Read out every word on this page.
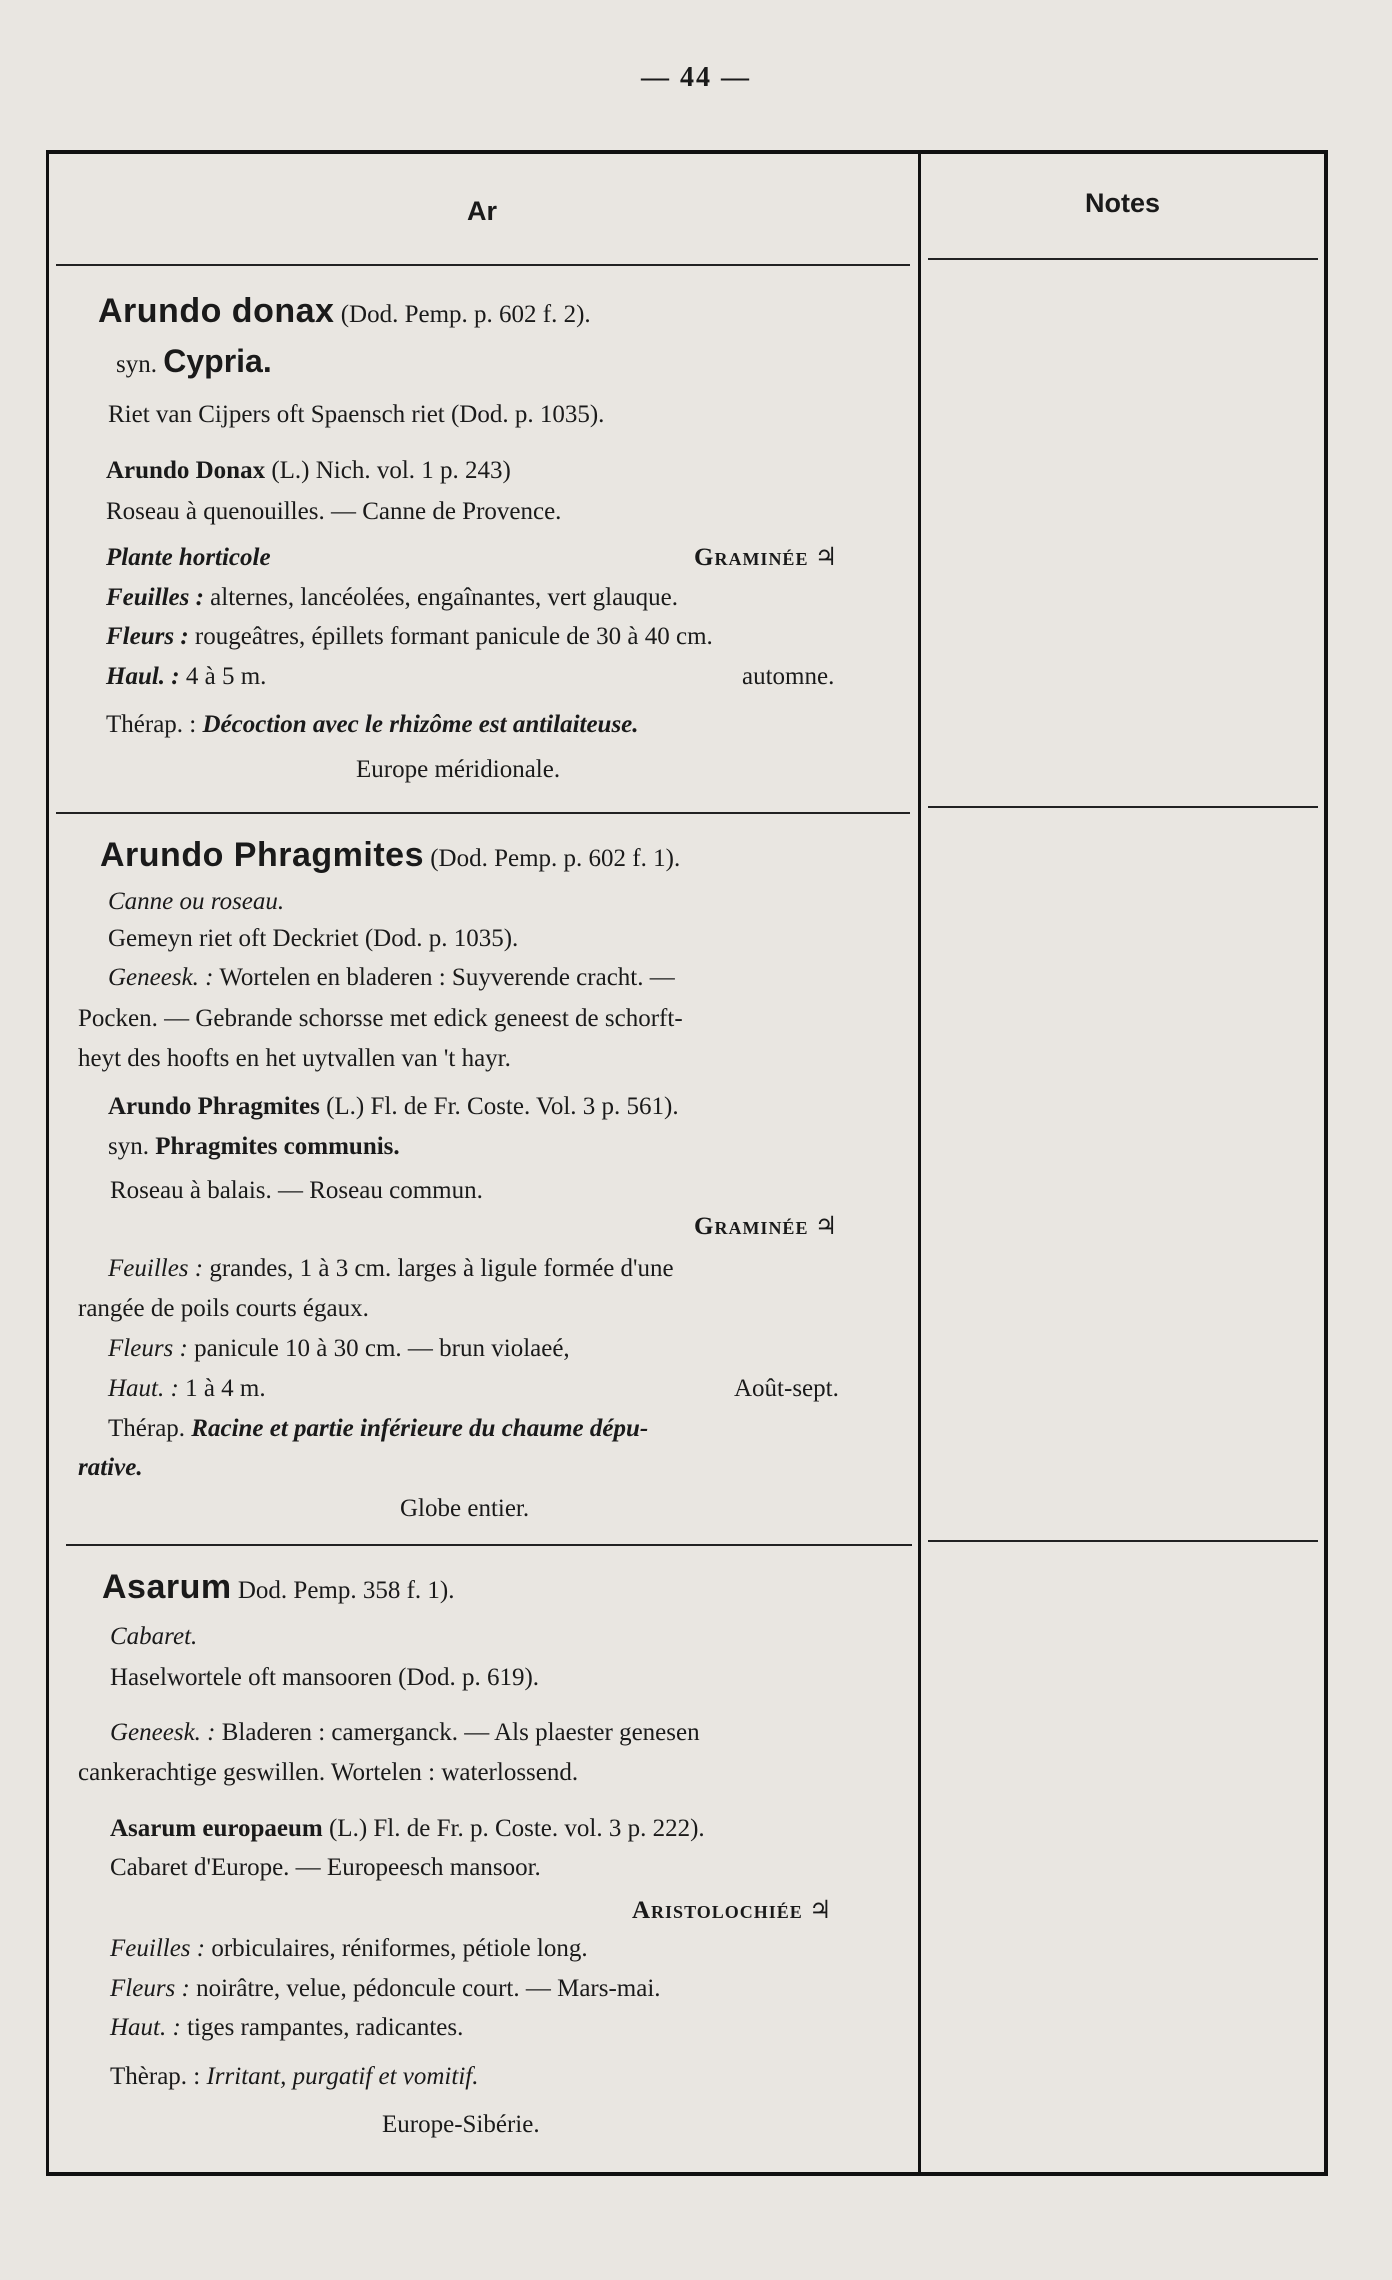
— 44 —
Ar	Notes
Arundo donax (Dod. Pemp. p. 602 f. 2).
syn. Cypria.
Riet van Cijpers oft Spaensch riet (Dod. p. 1035).
Arundo Donax (L.) Nich. vol. 1 p. 243)
Roseau à quenouilles. — Canne de Provence.
Plante horticole	Graminée ♃
Feuilles : alternes, lancéolées, engaînantes, vert glauque.
Fleurs : rougeâtres, épillets formant panicule de 30 à 40 cm.
Haul. : 4 à 5 m.	automne.
Thérap. : Décoction avec le rhizôme est antilaiteuse.
Europe méridionale.
Arundo Phragmites (Dod. Pemp. p. 602 f. 1).
Canne ou roseau.
Gemeyn riet oft Deckriet (Dod. p. 1035).
Geneesk. : Wortelen en bladeren : Suyverende cracht. —
Pocken. — Gebrande schorsse met edick geneest de schorft-
heyt des hoofts en het uytvallen van 't hayr.
Arundo Phragmites (L.) Fl. de Fr. Coste. Vol. 3 p. 561).
syn. Phragmites communis.
Roseau à balais. — Roseau commun.
Graminée ♃
Feuilles : grandes, 1 à 3 cm. larges à ligule formée d'une
rangée de poils courts égaux.
Fleurs : panicule 10 à 30 cm. — brun violaeé,
Haut. : 1 à 4 m.	Août-sept.
Thérap. Racine et partie inférieure du chaume dépu-
rative.
Globe entier.
Asarum Dod. Pemp. 358 f. 1).
Cabaret.
Haselwortele oft mansooren (Dod. p. 619).
Geneesk. : Bladeren : camerganck. — Als plaester genesen
cankerachtige geswillen. Wortelen : waterlossend.
Asarum europaeum (L.) Fl. de Fr. p. Coste. vol. 3 p. 222).
Cabaret d'Europe. — Europeesch mansoor.
Aristolochiée ♃
Feuilles : orbiculaires, réniformes, pétiole long.
Fleurs : noirâtre, velue, pédoncule court. — Mars-mai.
Haut. : tiges rampantes, radicantes.
Thèrap. : Irritant, purgatif et vomitif.
Europe-Sibérie.
